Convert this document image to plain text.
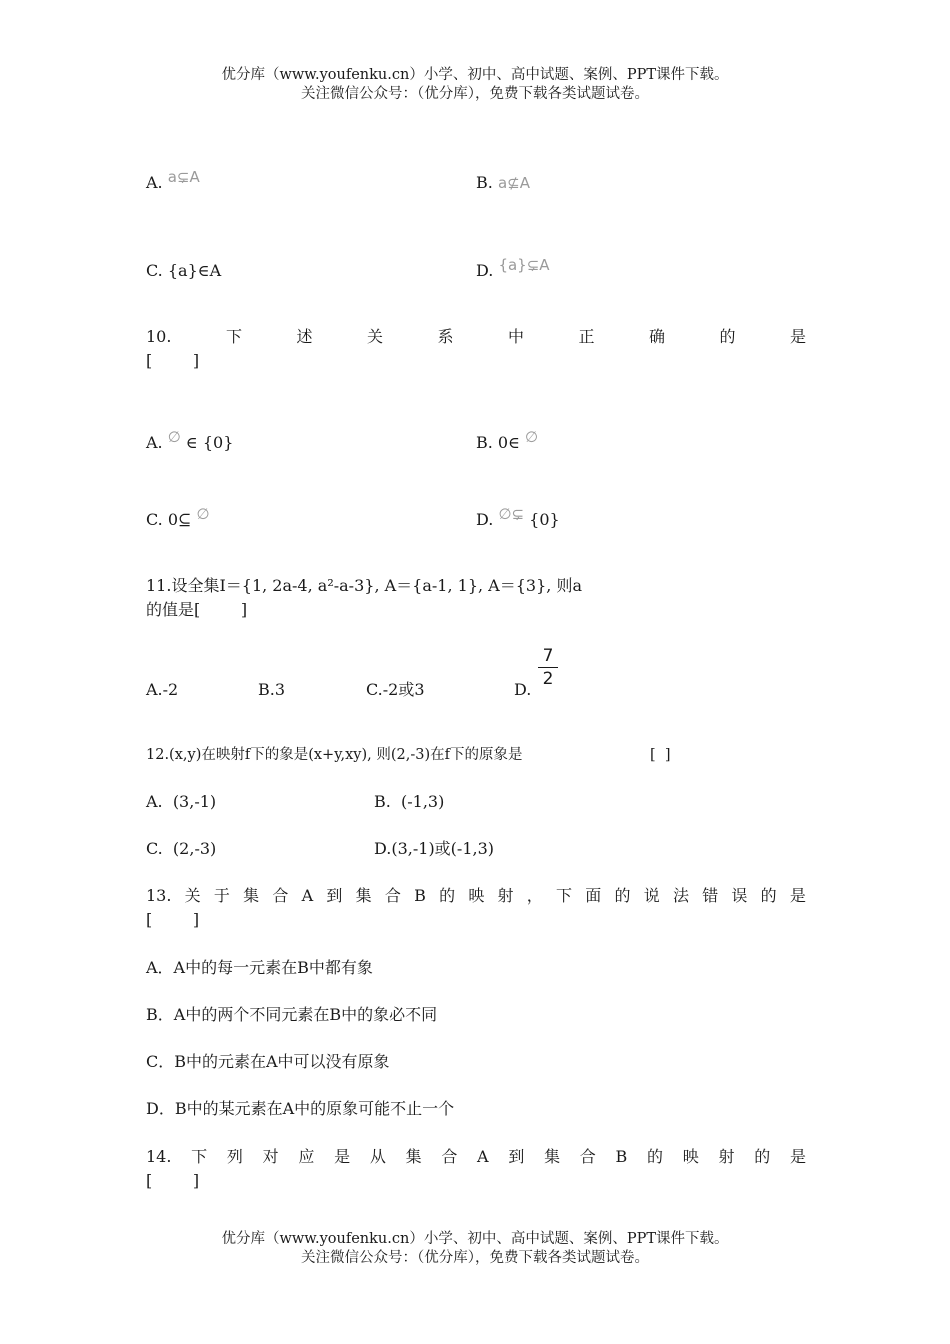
优分库（www.youfenku.cn）小学、初中、高中试题、案例、PPT课件下载。
关注微信公众号：（优分库），免费下载各类试题试卷。
A. a⊊A	B. a⊈A
C. {a}∈A	D. {a}⊊A
10.	下	述	关	系	中	正	确	的	是
[        ]
A. ∅ ∈ {0}	B. 0∈ ∅
C. 0⊆ ∅	D. ∅⊊ {0}
11.设全集I＝{1, 2a-4, a²-a-3}, A＝{a-1, 1}, A＝{3}, 则a
的值是[        ]
A.-2	B.3	C.-2或3	D.
7
2
12.(x,y)在映射f下的象是(x+y,xy), 则(2,-3)在f下的原象是	[  ]
A.  (3,-1)	B.  (-1,3)
C.  (2,-3)	D.(3,-1)或(-1,3)
13. 关 于 集 合 A 到 集 合 B 的 映 射 ， 下 面 的 说 法 错 误 的 是
[        ]
A．A中的每一元素在B中都有象
B．A中的两个不同元素在B中的象必不同
C．B中的元素在A中可以没有原象
D．B中的某元素在A中的原象可能不止一个
14. 下 列 对 应 是 从 集 合 A 到 集 合 B 的 映 射 的 是
[        ]
优分库（www.youfenku.cn）小学、初中、高中试题、案例、PPT课件下载。
关注微信公众号：（优分库），免费下载各类试题试卷。
